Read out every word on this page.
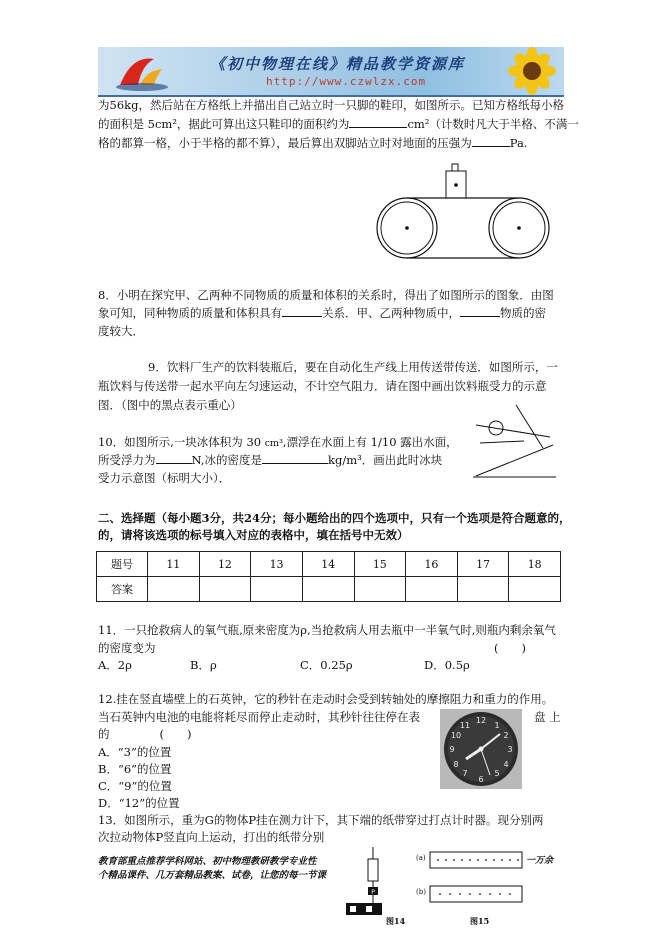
《初中物理在线》精品教学资源库
http://www.czwlzx.com
为56kg，然后站在方格纸上并描出自己站立时一只脚的鞋印，如图所示。已知方格纸每小格
的面积是 5cm²，据此可算出这只鞋印的面积约为	cm²（计数时凡大于半格、不满一
格的都算一格，小于半格的都不算），最后算出双脚站立时对地面的压强为	Pa.
8．小明在探究甲、乙两种不同物质的质量和体积的关系时，得出了如图所示的图象．由图
象可知，同种物质的质量和体积具有	关系．甲、乙两种物质中，	物质的密
度较大．
9．饮料厂生产的饮料装瓶后，要在自动化生产线上用传送带传送．如图所示，一
瓶饮料与传送带一起水平向左匀速运动，不计空气阻力．请在图中画出饮料瓶受力的示意
图．（图中的黑点表示重心）
10．如图所示,一块冰体积为 30 cm³,漂浮在水面上有 1/10 露出水面，
所受浮力为	N,冰的密度是	kg/m³．画出此时冰块
受力示意图（标明大小）．
二、选择题（每小题3分，共24分；每小题给出的四个选项中，只有一个选项是符合题意的，
的，请将该选项的标号填入对应的表格中，填在括号中无效）
题号	11	12	13	14	15	16	17	18
答案								
11．一只抢救病人的氧气瓶,原来密度为ρ,当抢救病人用去瓶中一半氧气时,则瓶内剩余氧气
的密度变为	(　　)
A．2ρ	B．ρ	C．0.25ρ	D．0.5ρ
12.挂在竖直墙壁上的石英钟，它的秒针在走动时会受到转轴处的摩擦阻力和重力的作用。
当石英钟内电池的电能将耗尽而停止走动时，其秒针往往停在表	盘 上
的	(　　)
A．“3”的位置
B．“6”的位置
C．“9”的位置
D．“12”的位置
12
3
6
9
1
2
4
5
7
8
10
11
13．如图所示，重为G的物体P挂在测力计下，其下端的纸带穿过打点计时器。现分别两
次拉动物体P竖直向上运动，打出的纸带分别
教育部重点推荐学科网站、初中物理教研教学专业性
个精品课件、几万套精品教案、试卷，让您的每一节课
P
图14
(a)
(b)
一万余
图15
